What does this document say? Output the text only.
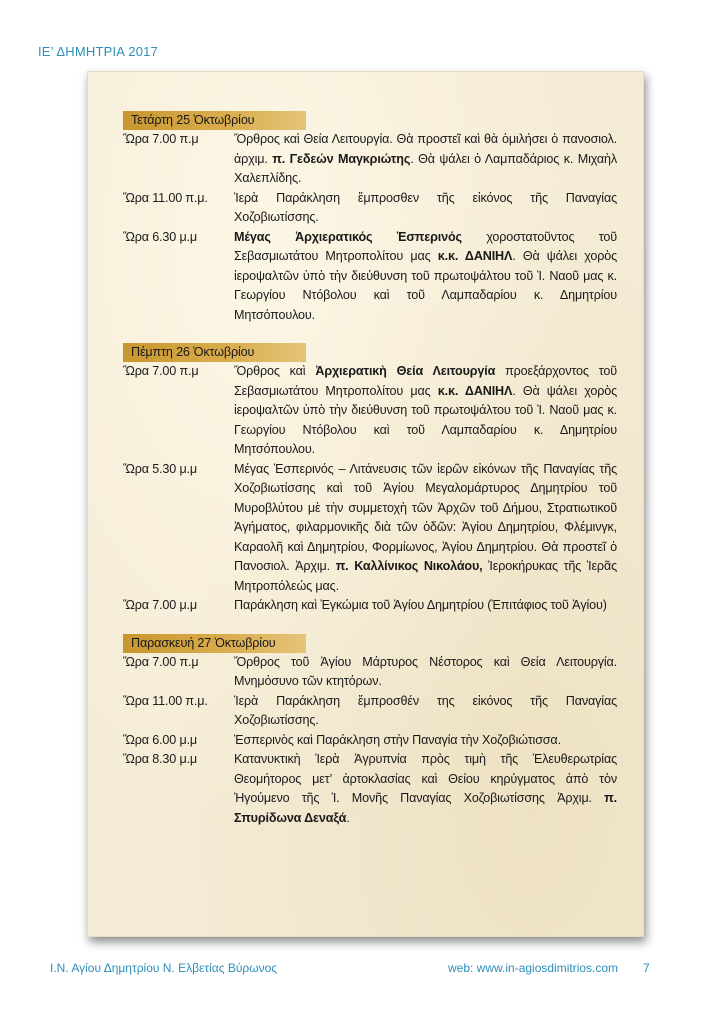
ΙΕ’ ΔΗΜΗΤΡΙΑ 2017
Τετάρτη 25 Ὀκτωβρίου
Ὥρα 7.00 π.μ	Ὄρθρος καὶ Θεία Λειτουργία. Θὰ προστεῖ καὶ θὰ ὁμιλήσει ὁ πανοσιολ. ἀρχιμ. π. Γεδεών Μαγκριώτης. Θὰ ψάλει ὁ Λαμπαδάριος κ. Μιχαὴλ Χαλεπλίδης.
Ὥρα 11.00 π.μ.	Ἱερὰ Παράκληση ἔμπροσθεν τῆς εἰκόνος τῆς Παναγίας Χοζοβιωτίσσης.
Ὥρα 6.30 μ.μ	Μέγας Ἀρχιερατικός Ἑσπερινός χοροστατοῦντος τοῦ Σεβασμιωτάτου Μητροπολίτου μας κ.κ. ΔΑΝΙΗΛ. Θὰ ψάλει χορὸς ἱεροψαλτῶν ὑπὸ τὴν διεύθυνση τοῦ πρωτοψάλτου τοῦ Ἱ. Ναοῦ μας κ. Γεωργίου Ντόβολου καὶ τοῦ Λαμπαδαρίου κ. Δημητρίου Μητσόπουλου.
Πέμπτη 26 Ὀκτωβρίου
Ὥρα 7.00 π.μ	Ὄρθρος καὶ Ἀρχιερατικὴ Θεία Λειτουργία προεξάρχοντος τοῦ Σεβασμιωτάτου Μητροπολίτου μας κ.κ. ΔΑΝΙΗΛ. Θὰ ψάλει χορὸς ἱεροψαλτῶν ὑπὸ τὴν διεύθυνση τοῦ πρωτοψάλτου τοῦ Ἱ. Ναοῦ μας κ. Γεωργίου Ντόβολου καὶ τοῦ Λαμπαδαρίου κ. Δημητρίου Μητσόπουλου.
Ὥρα 5.30 μ.μ	Μέγας Ἑσπερινός – Λιτάνευσις τῶν ἱερῶν εἰκόνων τῆς Παναγίας τῆς Χοζοβιωτίσσης καὶ τοῦ Ἁγίου Μεγαλομάρτυρος Δημητρίου τοῦ Μυροβλύτου μὲ τὴν συμμετοχὴ τῶν Ἀρχῶν τοῦ Δήμου, Στρατιωτικοῦ Ἀγήματος, φιλαρμονικῆς διὰ τῶν ὁδῶν: Ἁγίου Δημητρίου, Φλέμινγκ, Καραολῆ καὶ Δημητρίου, Φορμίωνος, Ἁγίου Δημητρίου. Θὰ προστεῖ ὁ Πανοσιολ. Ἀρχιμ. π. Καλλίνικος Νικολάου, Ἱεροκήρυκας τῆς Ἱερᾶς Μητροπόλεώς μας.
Ὥρα 7.00 μ.μ	Παράκληση καὶ Ἐγκώμια τοῦ Ἁγίου Δημητρίου (Ἐπιτάφιος τοῦ Ἁγίου)
Παρασκευή 27 Ὀκτωβρίου
Ὥρα 7.00 π.μ	Ὄρθρος τοῦ Ἁγίου Μάρτυρος Νέστορος καὶ Θεία Λειτουργία. Μνημόσυνο τῶν κτητόρων.
Ὥρα 11.00 π.μ.	Ἱερὰ Παράκληση ἔμπροσθέν της εἰκόνος τῆς Παναγίας Χοζοβιωτίσσης.
Ὥρα 6.00 μ.μ	Ἑσπερινὸς καὶ Παράκληση στὴν Παναγία τὴν Χοζοβιώτισσα.
Ὥρα 8.30 μ.μ	Κατανυκτικὴ Ἱερὰ Ἀγρυπνία πρὸς τιμὴ τῆς Ἐλευθερωτρίας Θεομήτορος μετ’ ἀρτοκλασίας καὶ Θείου κηρύγματος ἀπὸ τὸν Ἡγούμενο τῆς Ἱ. Μονῆς Παναγίας Χοζοβιωτίσσης Ἀρχιμ. π. Σπυρίδωνα Δεναξά.
Ι.Ν. Αγίου Δημητρίου Ν. Ελβετίας Βύρωνος	web: www.in-agiosdimitrios.com 7
